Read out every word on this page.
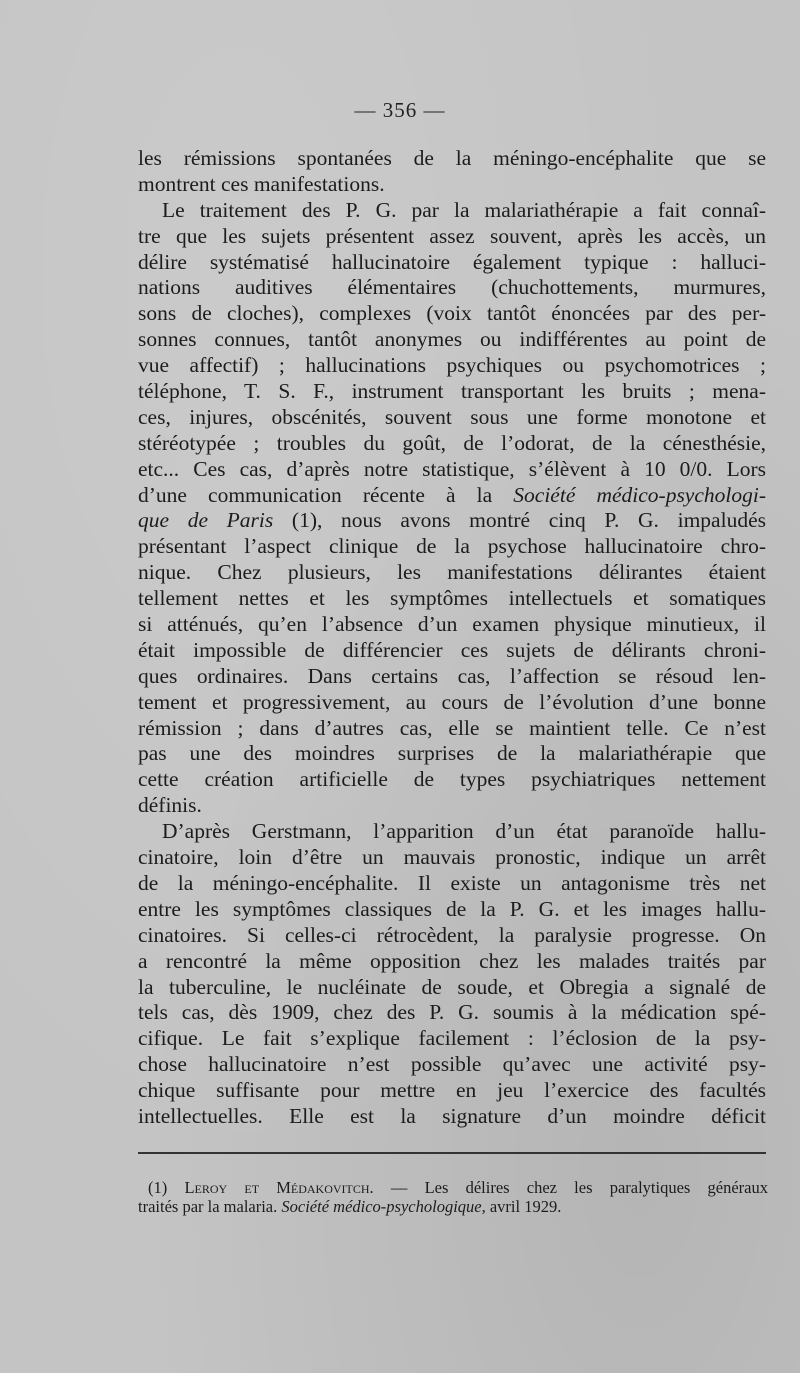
— 356 —
les rémissions spontanées de la méningo-encéphalite que se
montrent ces manifestations.
Le traitement des P. G. par la malariathérapie a fait connaî-
tre que les sujets présentent assez souvent, après les accès, un
délire systématisé hallucinatoire également typique : halluci-
nations auditives élémentaires (chuchottements, murmures,
sons de cloches), complexes (voix tantôt énoncées par des per-
sonnes connues, tantôt anonymes ou indifférentes au point de
vue affectif) ; hallucinations psychiques ou psychomotrices ;
téléphone, T. S. F., instrument transportant les bruits ; mena-
ces, injures, obscénités, souvent sous une forme monotone et
stéréotypée ; troubles du goût, de l’odorat, de la cénesthésie,
etc... Ces cas, d’après notre statistique, s’élèvent à 10 0/0. Lors
d’une communication récente à la Société médico-psychologi-
que de Paris (1), nous avons montré cinq P. G. impaludés
présentant l’aspect clinique de la psychose hallucinatoire chro-
nique. Chez plusieurs, les manifestations délirantes étaient
tellement nettes et les symptômes intellectuels et somatiques
si atténués, qu’en l’absence d’un examen physique minutieux, il
était impossible de différencier ces sujets de délirants chroni-
ques ordinaires. Dans certains cas, l’affection se résoud len-
tement et progressivement, au cours de l’évolution d’une bonne
rémission ; dans d’autres cas, elle se maintient telle. Ce n’est
pas une des moindres surprises de la malariathérapie que
cette création artificielle de types psychiatriques nettement
définis.
D’après Gerstmann, l’apparition d’un état paranoïde hallu-
cinatoire, loin d’être un mauvais pronostic, indique un arrêt
de la méningo-encéphalite. Il existe un antagonisme très net
entre les symptômes classiques de la P. G. et les images hallu-
cinatoires. Si celles-ci rétrocèdent, la paralysie progresse. On
a rencontré la même opposition chez les malades traités par
la tuberculine, le nucléinate de soude, et Obregia a signalé de
tels cas, dès 1909, chez des P. G. soumis à la médication spé-
cifique. Le fait s’explique facilement : l’éclosion de la psy-
chose hallucinatoire n’est possible qu’avec une activité psy-
chique suffisante pour mettre en jeu l’exercice des facultés
intellectuelles. Elle est la signature d’un moindre déficit
(1) Leroy et Médakovitch. — Les délires chez les paralytiques généraux
traités par la malaria. Société médico-psychologique, avril 1929.
